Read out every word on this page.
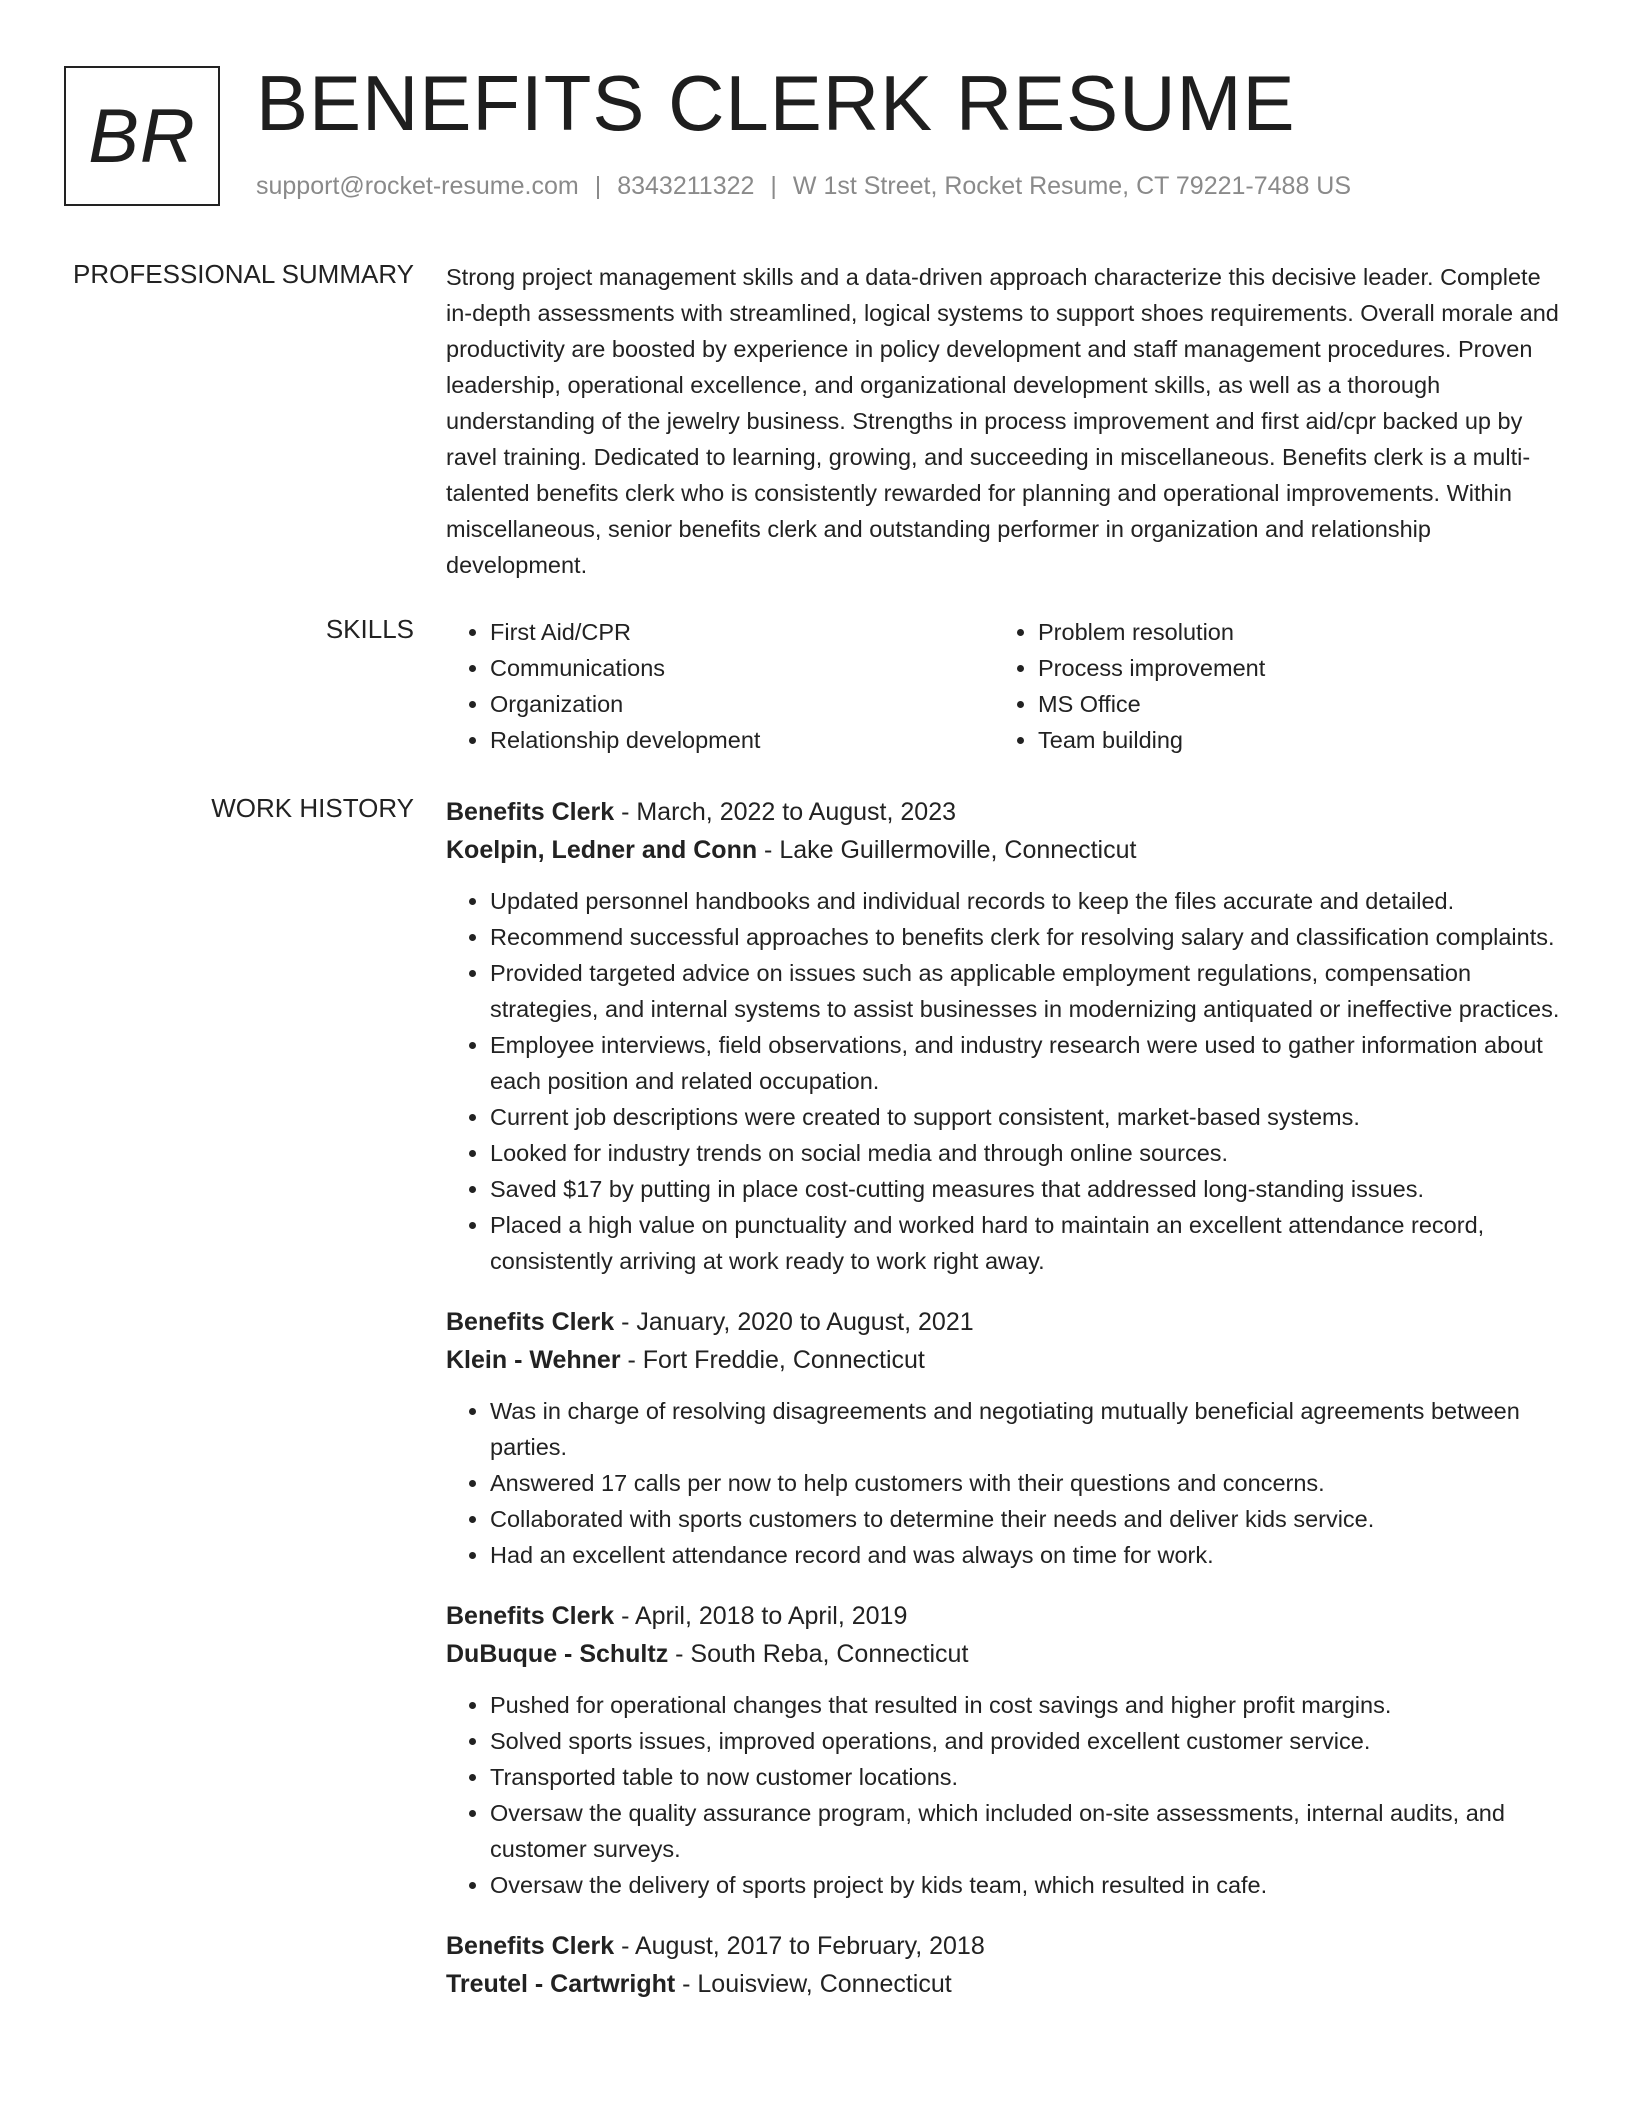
BR BENEFITS CLERK RESUME
support@rocket-resume.com | 8343211322 | W 1st Street, Rocket Resume, CT 79221-7488 US
PROFESSIONAL SUMMARY Strong project management skills and a data-driven approach characterize this decisive leader. Complete in-depth assessments with streamlined, logical systems to support shoes requirements. Overall morale and productivity are boosted by experience in policy development and staff management procedures. Proven leadership, operational excellence, and organizational development skills, as well as a thorough understanding of the jewelry business. Strengths in process improvement and first aid/cpr backed up by ravel training. Dedicated to learning, growing, and succeeding in miscellaneous. Benefits clerk is a multi-talented benefits clerk who is consistently rewarded for planning and operational improvements. Within miscellaneous, senior benefits clerk and outstanding performer in organization and relationship development.

SKILLS
•	First Aid/CPR
• Communications
• Organization
• Relationship development
• Problem resolution
• Process improvement
• MS Office
• Team building
WORK HISTORY Benefits Clerk - March, 2022 to August, 2023
Koelpin, Ledner and Conn - Lake Guillermoville, Connecticut
• Updated personnel handbooks and individual records to keep the files accurate and detailed.
• Recommend successful approaches to benefits clerk for resolving salary and classification complaints.
• Provided targeted advice on issues such as applicable employment regulations, compensation strategies, and internal systems to assist businesses in modernizing antiquated or ineffective practices.
• Employee interviews, field observations, and industry research were used to gather information about each position and related occupation.
• Current job descriptions were created to support consistent, market-based systems.
• Looked for industry trends on social media and through online sources.
• Saved $17 by putting in place cost-cutting measures that addressed long-standing issues.
• Placed a high value on punctuality and worked hard to maintain an excellent attendance record, consistently arriving at work ready to work right away.
Benefits Clerk - January, 2020 to August, 2021
Klein - Wehner - Fort Freddie, Connecticut
• Was in charge of resolving disagreements and negotiating mutually beneficial agreements between parties.
• Answered 17 calls per now to help customers with their questions and concerns.
• Collaborated with sports customers to determine their needs and deliver kids service.
• Had an excellent attendance record and was always on time for work.
Benefits Clerk - April, 2018 to April, 2019
DuBuque - Schultz - South Reba, Connecticut
• Pushed for operational changes that resulted in cost savings and higher profit margins.
• Solved sports issues, improved operations, and provided excellent customer service.
• Transported table to now customer locations.
• Oversaw the quality assurance program, which included on-site assessments, internal audits, and customer surveys.
• Oversaw the delivery of sports project by kids team, which resulted in cafe.
Benefits Clerk - August, 2017 to February, 2018
Treutel - Cartwright - Louisview, Connecticut
